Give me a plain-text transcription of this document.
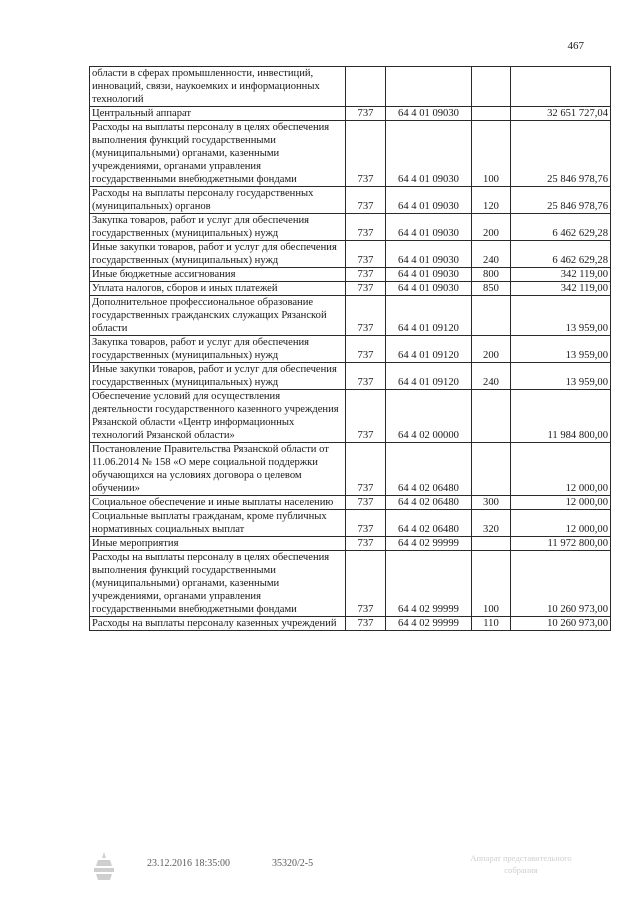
467
области в сферах промышленности, инвестиций, инноваций, связи, наукоемких и информационных технологий				
Центральный аппарат	737	64 4 01 09030		32 651 727,04
Расходы на выплаты персоналу в целях обеспечения выполнения функций государственными (муниципальными) органами, казенными учреждениями, органами управления государственными внебюджетными фондами	737	64 4 01 09030	100	25 846 978,76
Расходы на выплаты персоналу государственных (муниципальных) органов	737	64 4 01 09030	120	25 846 978,76
Закупка товаров, работ и услуг для обеспечения государственных (муниципальных) нужд	737	64 4 01 09030	200	6 462 629,28
Иные закупки товаров, работ и услуг для обеспечения государственных (муниципальных) нужд	737	64 4 01 09030	240	6 462 629,28
Иные бюджетные ассигнования	737	64 4 01 09030	800	342 119,00
Уплата налогов, сборов и иных платежей	737	64 4 01 09030	850	342 119,00
Дополнительное профессиональное образование государственных гражданских служащих Рязанской области	737	64 4 01 09120		13 959,00
Закупка товаров, работ и услуг для обеспечения государственных (муниципальных) нужд	737	64 4 01 09120	200	13 959,00
Иные закупки товаров, работ и услуг для обеспечения государственных (муниципальных) нужд	737	64 4 01 09120	240	13 959,00
Обеспечение условий для осуществления деятельности государственного казенного учреждения Рязанской области «Центр информационных технологий Рязанской области»	737	64 4 02 00000		11 984 800,00
Постановление Правительства Рязанской области от 11.06.2014 № 158 «О мере социальной поддержки обучающихся на условиях договора о целевом обучении»	737	64 4 02 06480		12 000,00
Социальное обеспечение и иные выплаты населению	737	64 4 02 06480	300	12 000,00
Социальные выплаты гражданам, кроме публичных нормативных социальных выплат	737	64 4 02 06480	320	12 000,00
Иные мероприятия	737	64 4 02 99999		11 972 800,00
Расходы на выплаты персоналу в целях обеспечения выполнения функций государственными (муниципальными) органами, казенными учреждениями, органами управления государственными внебюджетными фондами	737	64 4 02 99999	100	10 260 973,00
Расходы на выплаты персоналу казенных учреждений	737	64 4 02 99999	110	10 260 973,00
23.12.2016 18:35:00	35320/2-5	Аппарат представительного
собрания
